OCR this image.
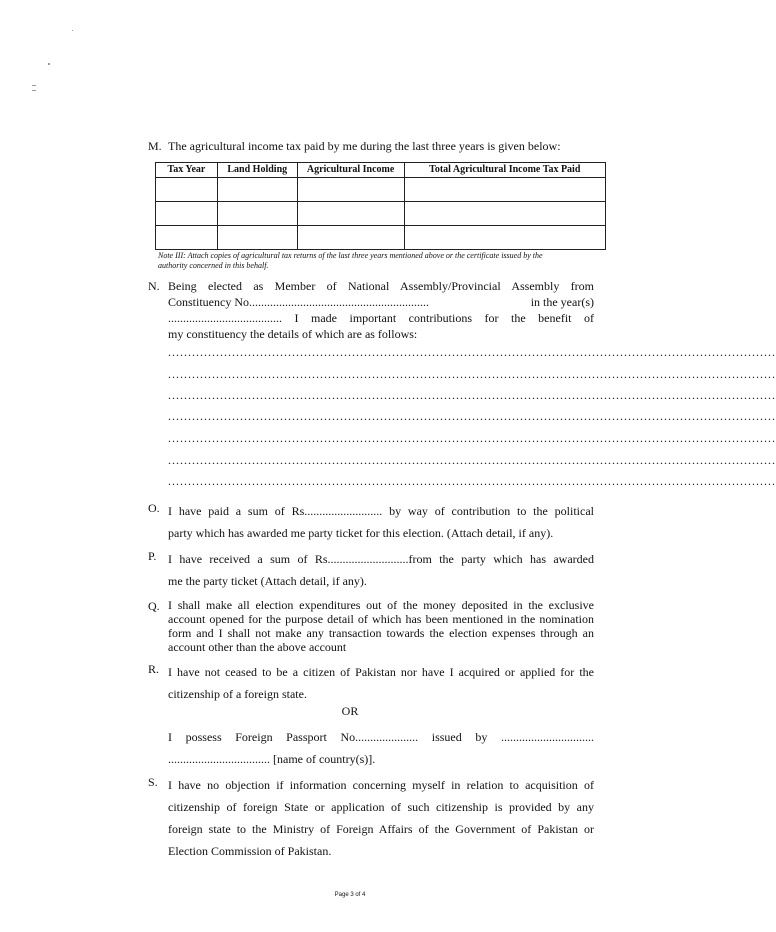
M. The agricultural income tax paid by me during the last three years is given below:
Tax Year	Land Holding	Agricultural Income	Total Agricultural Income Tax Paid

Note III: Attach copies of agricultural tax returns of the last three years mentioned above or the certificate issued by the
authority concerned in this behalf.
N. Being elected as Member of National Assembly/Provincial Assembly from
Constituency No............................................................	in the year(s)
...................................... I made important contributions for the benefit of
my constituency the details of which are as follows:
........................................................................................................................................................
........................................................................................................................................................
........................................................................................................................................................
........................................................................................................................................................
........................................................................................................................................................
........................................................................................................................................................
........................................................................................................................................................
O. I have paid a sum of Rs.......................... by way of contribution to the political
party which has awarded me party ticket for this election. (Attach detail, if any).
P. I have received a sum of Rs...........................from the party which has awarded
me the party ticket (Attach detail, if any).
Q. I shall make all election expenditures out of the money deposited in the exclusive
account opened for the purpose detail of which has been mentioned in the nomination
form and I shall not make any transaction towards the election expenses through an
account other than the above account
R. I have not ceased to be a citizen of Pakistan nor have I acquired or applied for the
citizenship of a foreign state.
OR
I possess Foreign Passport No..................... issued by ...............................
.................................. [name of country(s)].
S. I have no objection if information concerning myself in relation to acquisition of
citizenship of foreign State or application of such citizenship is provided by any
foreign state to the Ministry of Foreign Affairs of the Government of Pakistan or
Election Commission of Pakistan.
Page 3 of 4
